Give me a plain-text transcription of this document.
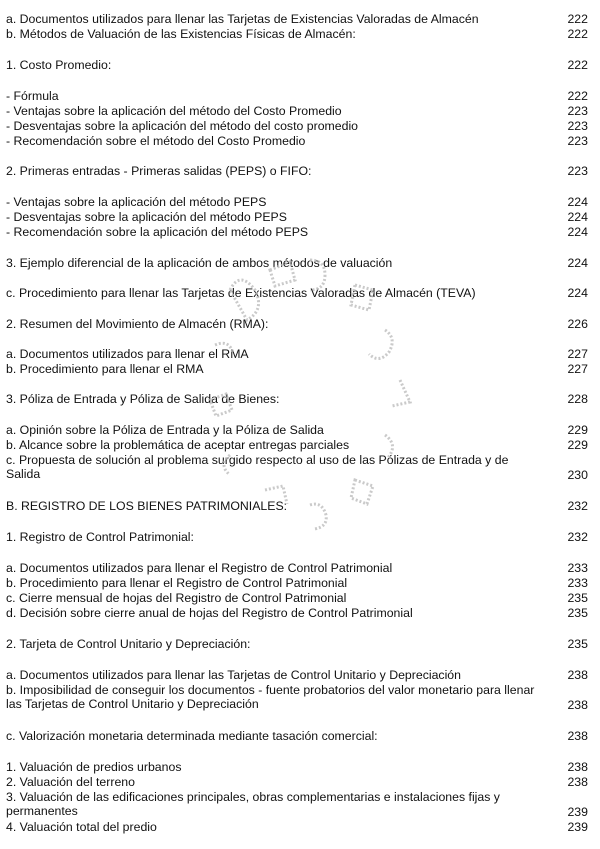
a. Documentos utilizados para llenar las Tarjetas de Existencias Valoradas de Almacén	222
b. Métodos de Valuación de las Existencias Físicas de Almacén:	222
1. Costo Promedio:	222
- Fórmula	222
- Ventajas sobre la aplicación del método del Costo Promedio	223
- Desventajas sobre la aplicación del método del costo promedio	223
- Recomendación sobre el método del Costo Promedio	223
2. Primeras entradas - Primeras salidas (PEPS) o FIFO:	223
- Ventajas sobre la aplicación del método PEPS	224
- Desventajas sobre la aplicación del método PEPS	224
- Recomendación sobre la aplicación del método PEPS	224
3. Ejemplo diferencial de la aplicación de ambos métodos de valuación	224
c. Procedimiento para llenar las Tarjetas de Existencias Valoradas de Almacén (TEVA)	224
2. Resumen del Movimiento de Almacén (RMA):	226
a. Documentos utilizados para llenar el RMA	227
b. Procedimiento para llenar el RMA	227
3. Póliza de Entrada y Póliza de Salida de Bienes:	228
a. Opinión sobre la Póliza de Entrada y la Póliza de Salida	229
b. Alcance sobre la problemática de aceptar entregas parciales	229
c. Propuesta de solución al problema surgido respecto al uso de las Pólizas de Entrada y de Salida	230
B. REGISTRO DE LOS BIENES PATRIMONIALES:	232
1. Registro de Control Patrimonial:	232
a. Documentos utilizados para llenar el Registro de Control Patrimonial	233
b. Procedimiento para llenar el Registro de Control Patrimonial	233
c. Cierre mensual de hojas del Registro de Control Patrimonial	235
d. Decisión sobre cierre anual de hojas del Registro de Control Patrimonial	235
2. Tarjeta de Control Unitario y Depreciación:	235
a. Documentos utilizados para llenar las Tarjetas de Control Unitario y Depreciación	238
b. Imposibilidad de conseguir los documentos - fuente probatorios del valor monetario para llenar las Tarjetas de Control Unitario y Depreciación	238
c. Valorización monetaria determinada mediante tasación comercial:	238
1. Valuación de predios urbanos	238
2. Valuación del terreno	238
3. Valuación de las edificaciones principales, obras complementarias e instalaciones fijas y permanentes	239
4. Valuación total del predio	239
